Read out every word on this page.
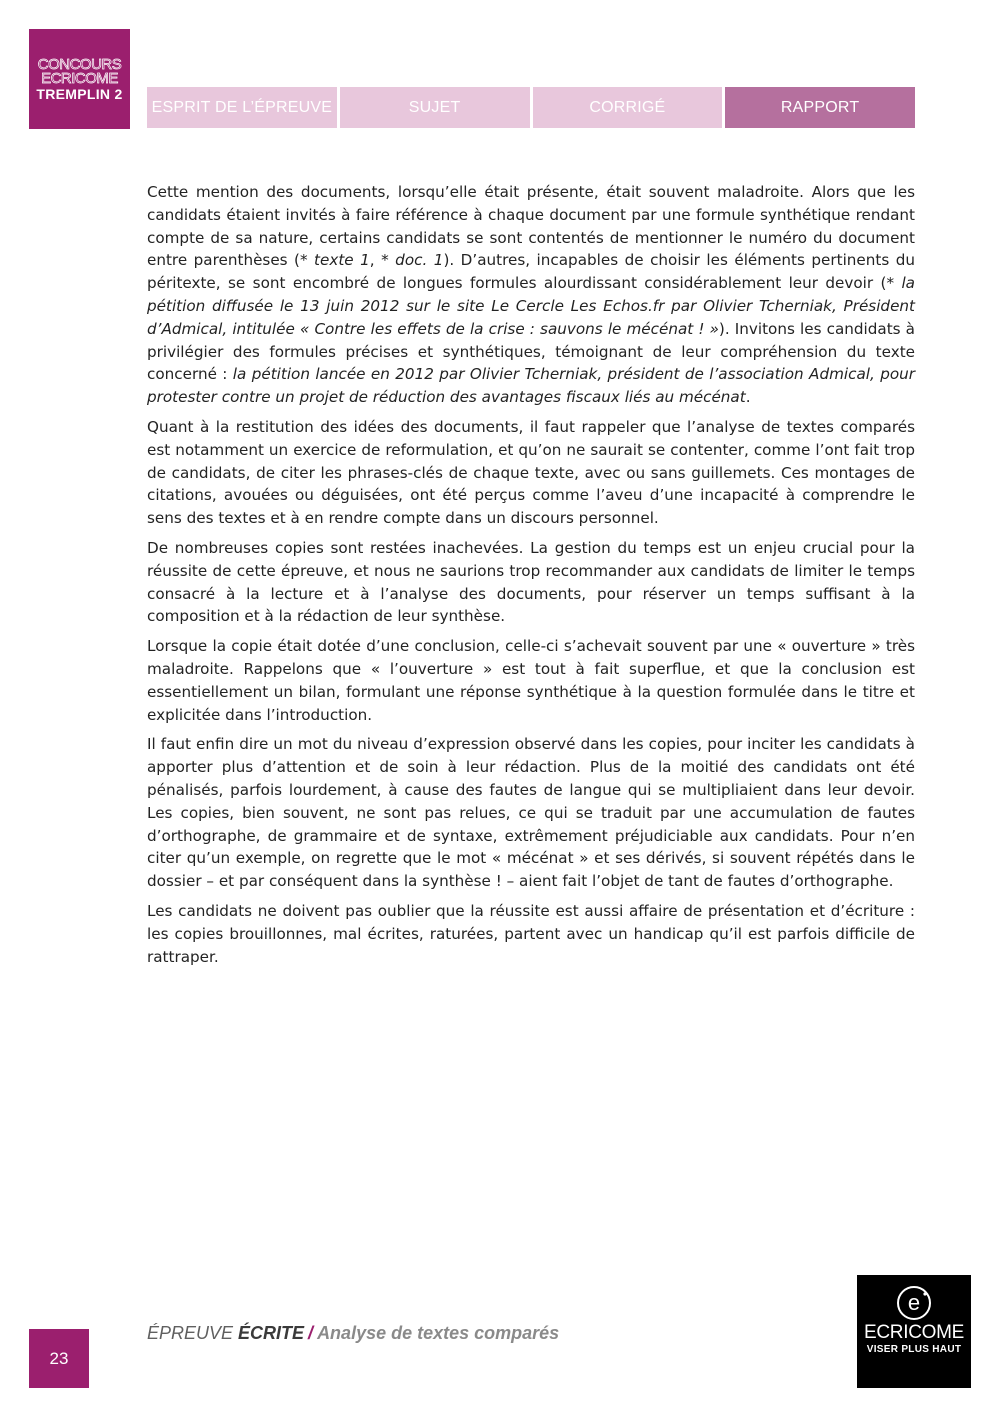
CONCOURS
ECRICOME
TREMPLIN 2
ESPRIT DE L’ÉPREUVE	SUJET	CORRIGÉ	RAPPORT

Cette mention des documents, lorsqu’elle était présente, était souvent maladroite. Alors que les candidats étaient invités à faire référence à chaque document par une formule synthétique rendant compte de sa nature, certains candidats se sont contentés de mentionner le numéro du document entre parenthèses (* texte 1, * doc. 1). D’autres, incapables de choisir les éléments pertinents du péritexte, se sont encombré de longues formules alourdissant considérablement leur devoir (* la pétition diffusée le 13 juin 2012 sur le site Le Cercle Les Echos.fr par Olivier Tcherniak, Président d’Admical, intitulée « Contre les effets de la crise : sauvons le mécénat ! »). Invitons les candidats à privilégier des formules précises et synthétiques, témoignant de leur compréhension du texte concerné : la pétition lancée en 2012 par Olivier Tcherniak, président de l’association Admical, pour protester contre un projet de réduction des avantages fiscaux liés au mécénat.

Quant à la restitution des idées des documents, il faut rappeler que l’analyse de textes comparés est notamment un exercice de reformulation, et qu’on ne saurait se contenter, comme l’ont fait trop de candidats, de citer les phrases-clés de chaque texte, avec ou sans guillemets. Ces montages de citations, avouées ou déguisées, ont été perçus comme l’aveu d’une incapacité à comprendre le sens des textes et à en rendre compte dans un discours personnel.

De nombreuses copies sont restées inachevées. La gestion du temps est un enjeu crucial pour la réussite de cette épreuve, et nous ne saurions trop recommander aux candidats de limiter le temps consacré à la lecture et à l’analyse des documents, pour réserver un temps suffisant à la composition et à la rédaction de leur synthèse.

Lorsque la copie était dotée d’une conclusion, celle-ci s’achevait souvent par une « ouverture » très maladroite. Rappelons que « l’ouverture » est tout à fait superflue, et que la conclusion est essentiellement un bilan, formulant une réponse synthétique à la question formulée dans le titre et explicitée dans l’introduction.

Il faut enfin dire un mot du niveau d’expression observé dans les copies, pour inciter les candidats à apporter plus d’attention et de soin à leur rédaction. Plus de la moitié des candidats ont été pénalisés, parfois lourdement, à cause des fautes de langue qui se multipliaient dans leur devoir. Les copies, bien souvent, ne sont pas relues, ce qui se traduit par une accumulation de fautes d’orthographe, de grammaire et de syntaxe, extrêmement préjudiciable aux candidats. Pour n’en citer qu’un exemple, on regrette que le mot « mécénat » et ses dérivés, si souvent répétés dans le dossier – et par conséquent dans la synthèse ! – aient fait l’objet de tant de fautes d’orthographe.

Les candidats ne doivent pas oublier que la réussite est aussi affaire de présentation et d’écriture : les copies brouillonnes, mal écrites, raturées, partent avec un handicap qu’il est parfois difficile de rattraper.

23
ÉPREUVE ÉCRITE / Analyse de textes comparés
e
ECRICOME
VISER PLUS HAUT
